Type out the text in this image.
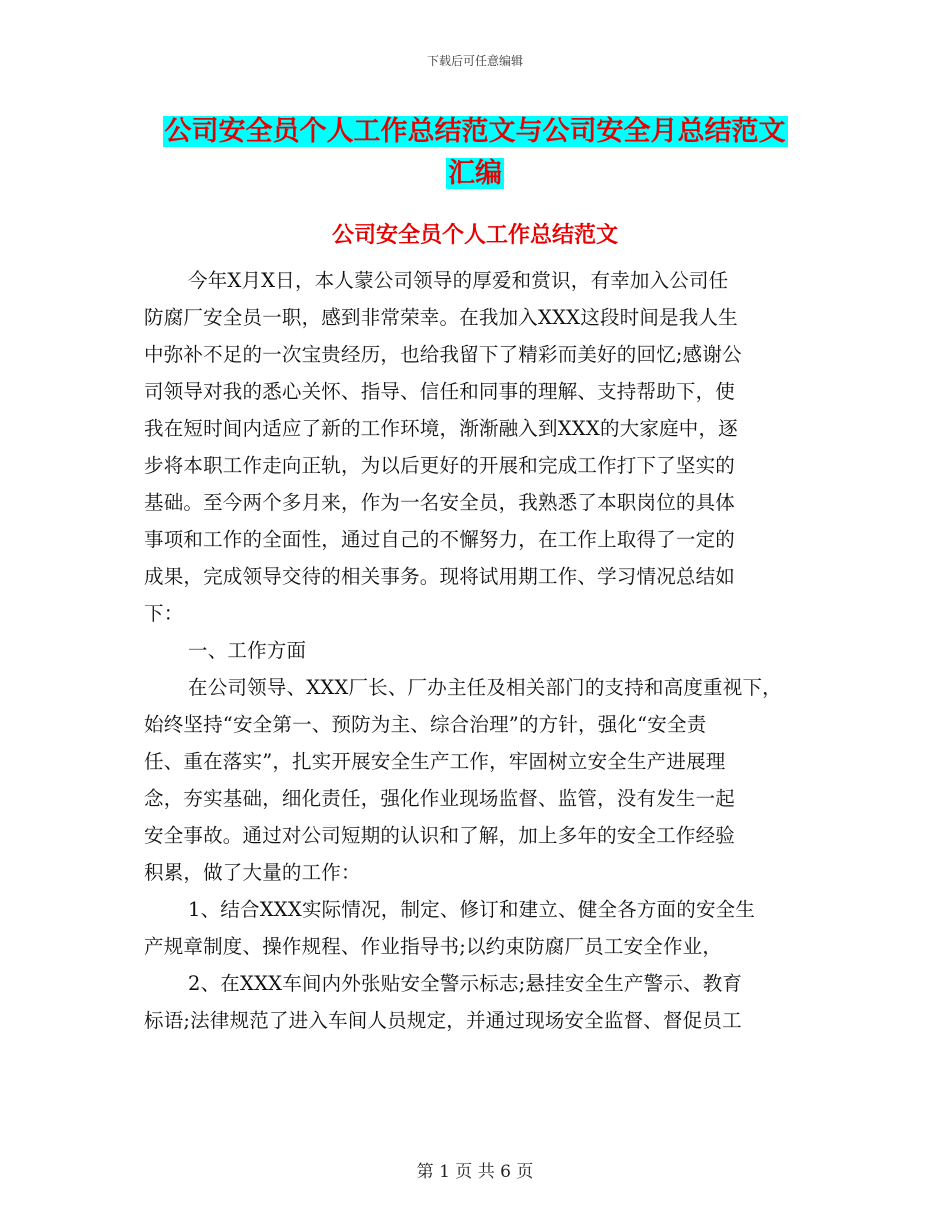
下载后可任意编辑
公司安全员个人工作总结范文与公司安全月总结范文
汇编
公司安全员个人工作总结范文
今年X月X日，本人蒙公司领导的厚爱和赏识，有幸加入公司任
防腐厂安全员一职，感到非常荣幸。在我加入XXX这段时间是我人生
中弥补不足的一次宝贵经历，也给我留下了精彩而美好的回忆;感谢公
司领导对我的悉心关怀、指导、信任和同事的理解、支持帮助下，使
我在短时间内适应了新的工作环境，渐渐融入到XXX的大家庭中，逐
步将本职工作走向正轨，为以后更好的开展和完成工作打下了坚实的
基础。至今两个多月来，作为一名安全员，我熟悉了本职岗位的具体
事项和工作的全面性，通过自己的不懈努力，在工作上取得了一定的
成果，完成领导交待的相关事务。现将试用期工作、学习情况总结如
下：
一、工作方面
在公司领导、XXX厂长、厂办主任及相关部门的支持和高度重视下，
始终坚持“安全第一、预防为主、综合治理”的方针，强化“安全责
任、重在落实”，扎实开展安全生产工作，牢固树立安全生产进展理
念，夯实基础，细化责任，强化作业现场监督、监管，没有发生一起
安全事故。通过对公司短期的认识和了解，加上多年的安全工作经验
积累，做了大量的工作：
1、结合XXX实际情况，制定、修订和建立、健全各方面的安全生
产规章制度、操作规程、作业指导书;以约束防腐厂员工安全作业，
2、在XXX车间内外张贴安全警示标志;悬挂安全生产警示、教育
标语;法律规范了进入车间人员规定，并通过现场安全监督、督促员工
第 1 页 共 6 页
